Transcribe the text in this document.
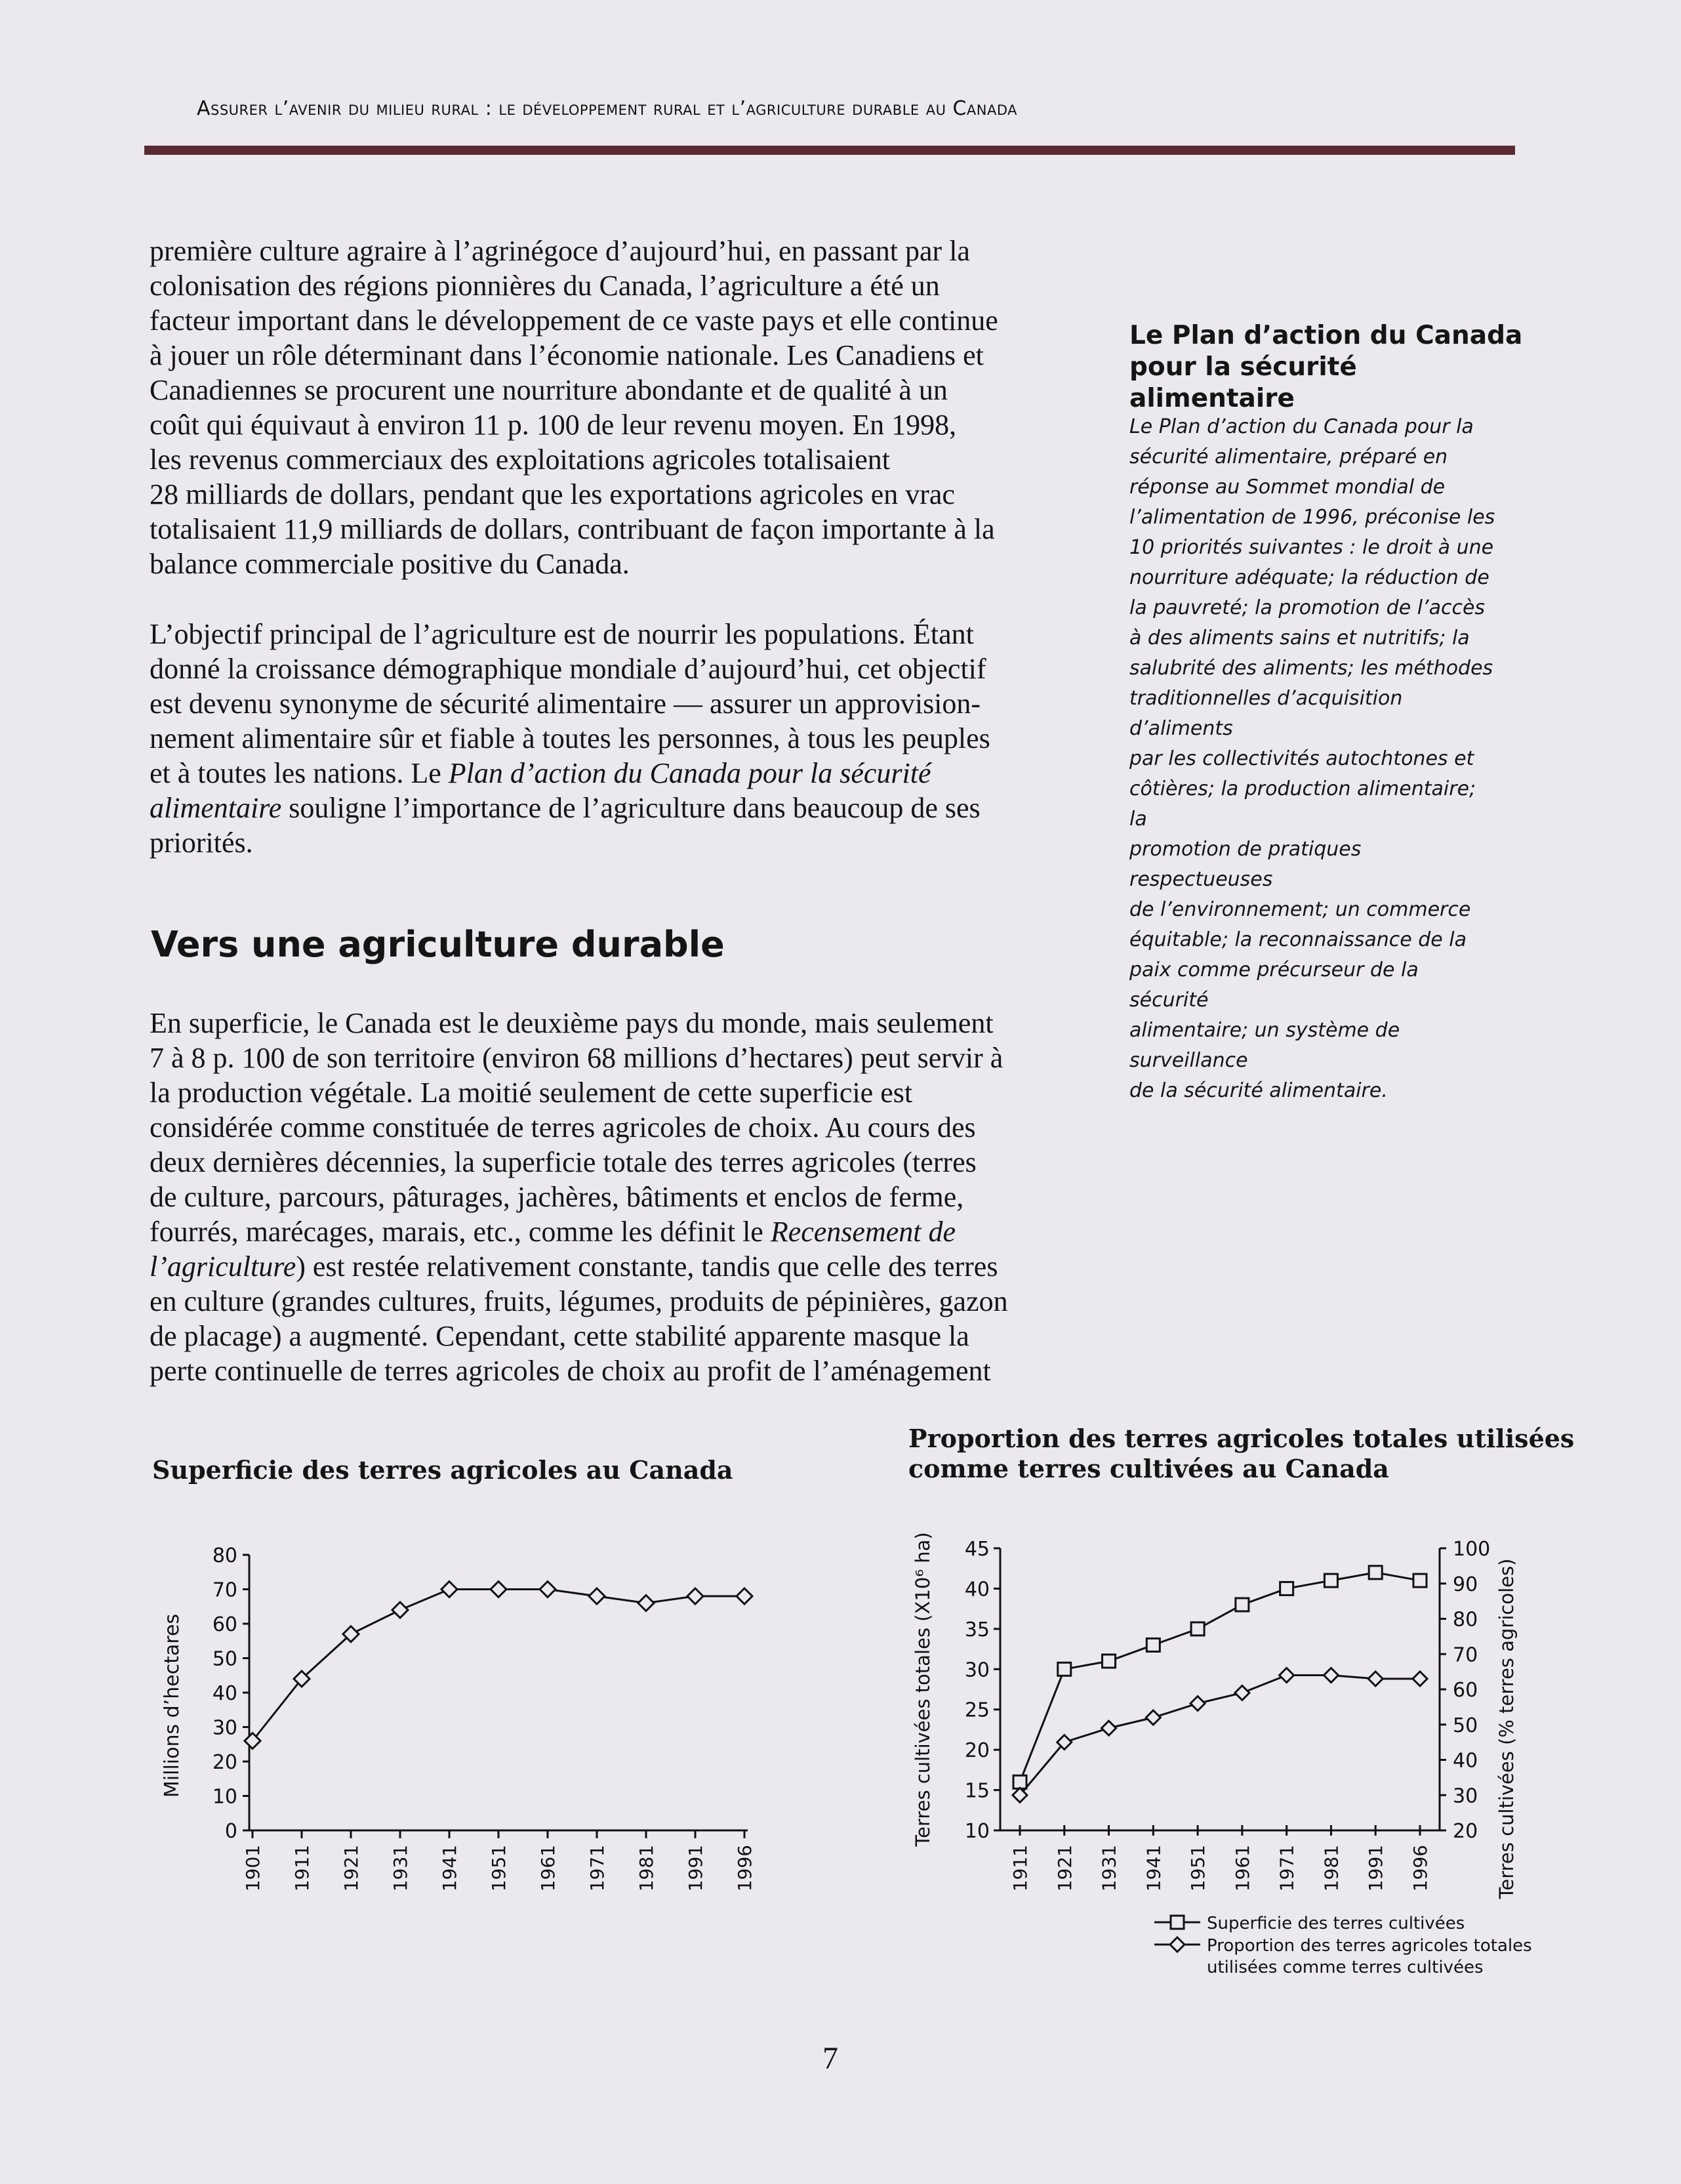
Assurer l’avenir du milieu rural : le développement rural et l’agriculture durable au Canada

première culture agraire à l’agrinégoce d’aujourd’hui, en passant par la

colonisation des régions pionnières du Canada, l’agriculture a été un

facteur important dans le développement de ce vaste pays et elle continue

à jouer un rôle déterminant dans l’économie nationale. Les Canadiens et

Canadiennes se procurent une nourriture abondante et de qualité à un

coût qui équivaut à environ 11 p. 100 de leur revenu moyen. En 1998,

les revenus commerciaux des exploitations agricoles totalisaient

28 milliards de dollars, pendant que les exportations agricoles en vrac

totalisaient 11,9 milliards de dollars, contribuant de façon importante à la

balance commerciale positive du Canada.

L’objectif principal de l’agriculture est de nourrir les populations. Étant

donné la croissance démographique mondiale d’aujourd’hui, cet objectif

est devenu synonyme de sécurité alimentaire — assurer un approvision-

nement alimentaire sûr et fiable à toutes les personnes, à tous les peuples

et à toutes les nations. Le Plan d’action du Canada pour la sécurité

alimentaire souligne l’importance de l’agriculture dans beaucoup de ses

priorités.

Le Plan d’action du Canada
pour la sécurité alimentaire
Le Plan d’action du Canada pour la
sécurité alimentaire, préparé en
réponse au Sommet mondial de
l’alimentation de 1996, préconise les
10 priorités suivantes : le droit à une
nourriture adéquate; la réduction de
la pauvreté; la promotion de l’accès
à des aliments sains et nutritifs; la
salubrité des aliments; les méthodes
traditionnelles d’acquisition d’aliments
par les collectivités autochtones et
côtières; la production alimentaire; la
promotion de pratiques respectueuses
de l’environnement; un commerce
équitable; la reconnaissance de la
paix comme précurseur de la sécurité
alimentaire; un système de surveillance
de la sécurité alimentaire.
Vers une agriculture durable

En superficie, le Canada est le deuxième pays du monde, mais seulement

7 à 8 p. 100 de son territoire (environ 68 millions d’hectares) peut servir à

la production végétale. La moitié seulement de cette superficie est

considérée comme constituée de terres agricoles de choix. Au cours des

deux dernières décennies, la superficie totale des terres agricoles (terres

de culture, parcours, pâturages, jachères, bâtiments et enclos de ferme,

fourrés, marécages, marais, etc., comme les définit le Recensement de

l’agriculture) est restée relativement constante, tandis que celle des terres

en culture (grandes cultures, fruits, légumes, produits de pépinières, gazon

de placage) a augmenté. Cependant, cette stabilité apparente masque la

perte continuelle de terres agricoles de choix au profit de l’aménagement

Superficie des terres agricoles au Canada
Proportion des terres agricoles totales utilisées
comme terres cultivées au Canada
0
10
20
30
40
50
60
70
80
1901 1911 1921 1931 1941 1951 1961 1971 1981 1991 1996
Millions d’hectares
10
15
20
25
30
35
40
45
20
30
40
50
60
70
80
90
100
1911 1921 1931 1941 1951 1961 1971 1981 1991 1996
Terres cultivées totales (X10⁶ ha)	Terres cultivées (% terres agricoles)
Superficie des terres cultivées
Proportion des terres agricoles totales utilisées comme terres cultivées
7
